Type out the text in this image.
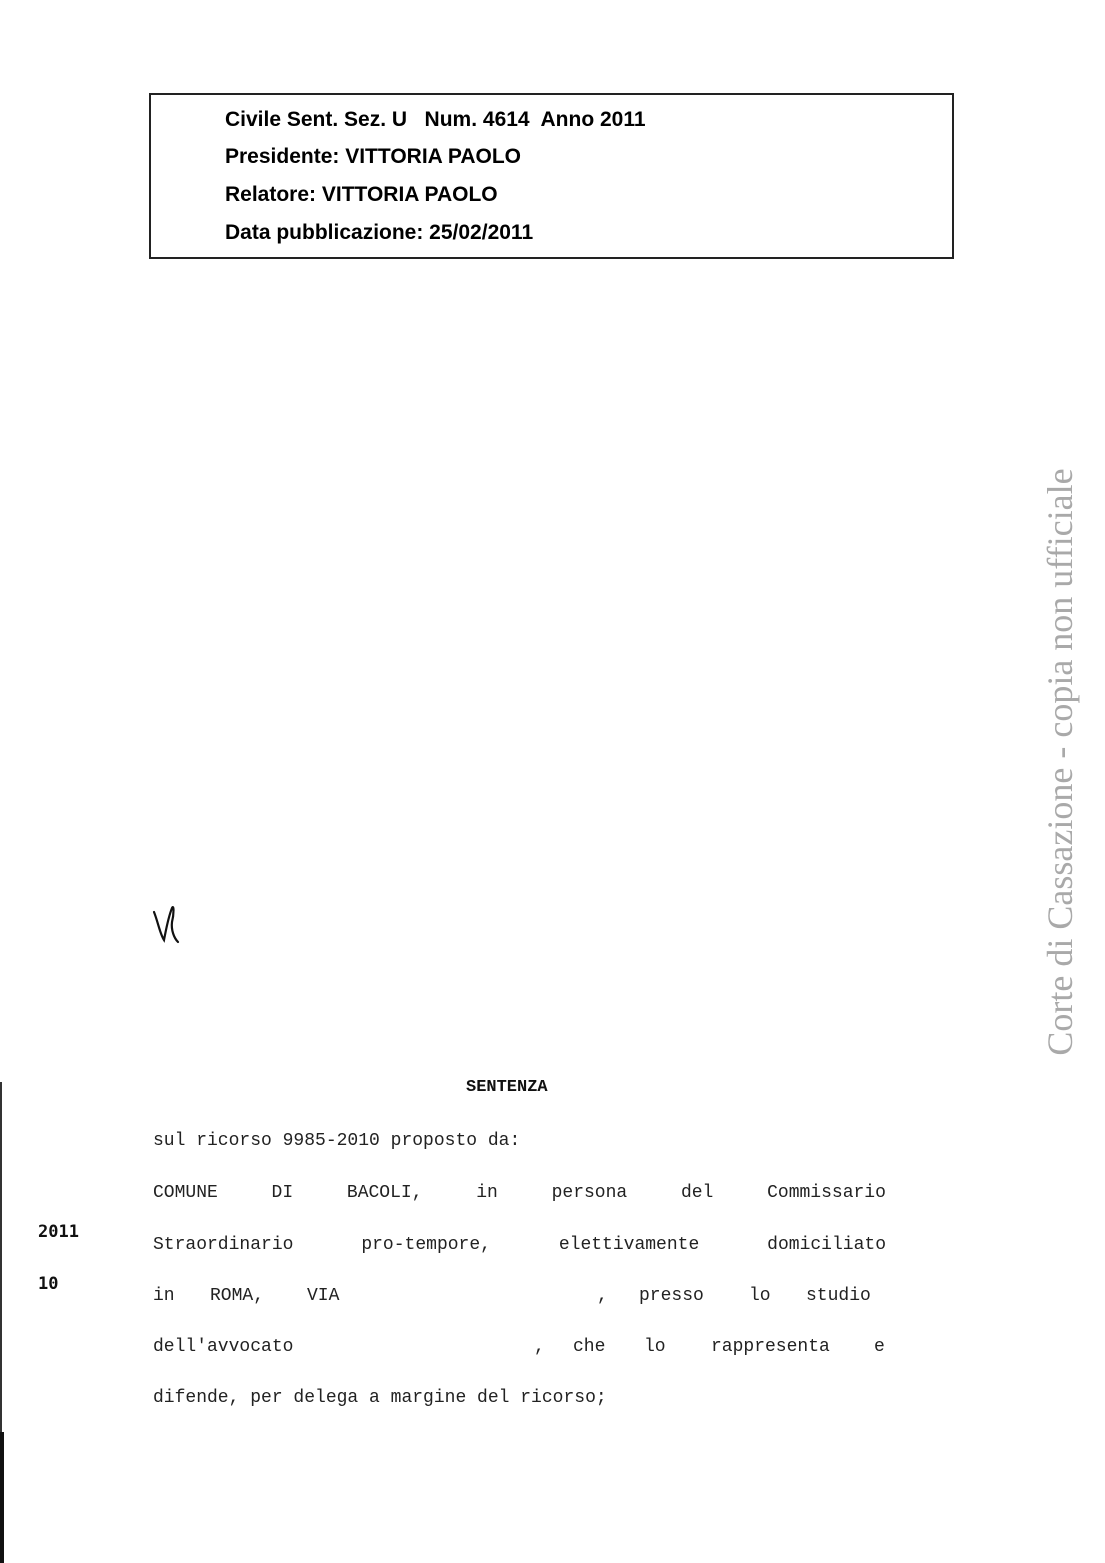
Civile Sent. Sez. U   Num. 4614  Anno 2011
Presidente: VITTORIA PAOLO
Relatore: VITTORIA PAOLO
Data pubblicazione: 25/02/2011
Corte di Cassazione - copia non ufficiale
SENTENZA
2011
10
sul ricorso 9985-2010 proposto da:
COMUNE	DI	BACOLI,	in	persona	del	Commissario
Straordinario	pro-tempore,	elettivamente	domiciliato
in ROMA, VIA	, presso	lo studio
dell'avvocato	, che lo	rappresenta e
difende, per delega a margine del ricorso;
